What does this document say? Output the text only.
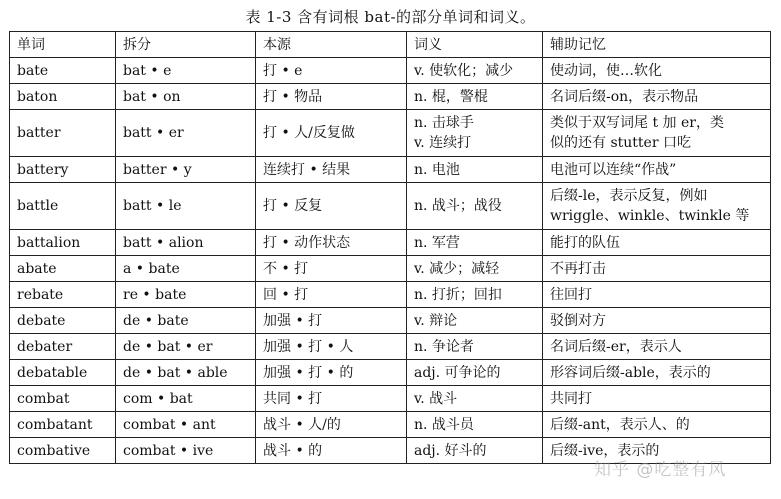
表 1-3 含有词根 bat-的部分单词和词义。
单词	拆分	本源	词义	辅助记忆
bate	bat • e	打 • e	v. 使软化；减少	使动词，使…软化

baton	bat • on	打 • 物品	n. 棍，警棍	名词后缀-on，表示物品

batter	batt • er	打 • 人/反复做	n. 击球手
v. 连续打	类似于双写词尾 t 加 er，类
似的还有 stutter 口吃

battery	batter • y	连续打 • 结果	n. 电池	电池可以连续“作战”

battle	batt • le	打 • 反复	n. 战斗；战役	后缀-le，表示反复，例如
wriggle、winkle、twinkle 等

battalion	batt • alion	打 • 动作状态	n. 军营	能打的队伍

abate	a • bate	不 • 打	v. 减少；减轻	不再打击

rebate	re • bate	回 • 打	n. 打折；回扣	往回打

debate	de • bate	加强 • 打	v. 辩论	驳倒对方

debater	de • bat • er	加强 • 打 • 人	n. 争论者	名词后缀-er，表示人

debatable	de • bat • able	加强 • 打 • 的	adj. 可争论的	形容词后缀-able，表示的

combat	com • bat	共同 • 打	v. 战斗	共同打

combatant	combat • ant	战斗 • 人/的	n. 战斗员	后缀-ant，表示人、的

combative	combat • ive	战斗 • 的	adj. 好斗的	后缀-ive，表示的
知乎 @吃整有风
